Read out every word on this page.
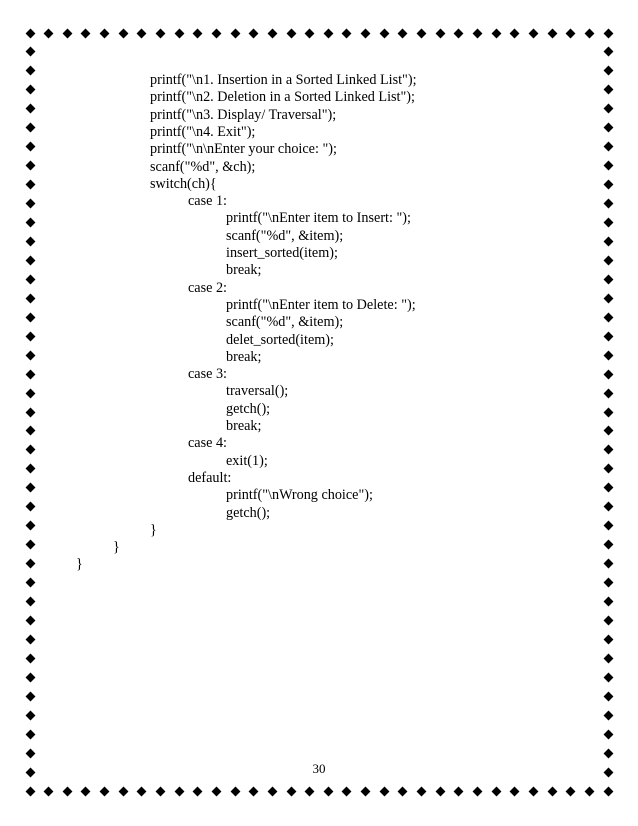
printf("\n1. Insertion in a Sorted Linked List");
printf("\n2. Deletion in a Sorted Linked List");
printf("\n3. Display/ Traversal");
printf("\n4. Exit");
printf("\n\nEnter your choice: ");
scanf("%d", &ch);
switch(ch){
case 1:
printf("\nEnter item to Insert: ");
scanf("%d", &item);
insert_sorted(item);
break;
case 2:
printf("\nEnter item to Delete: ");
scanf("%d", &item);
delet_sorted(item);
break;
case 3:
traversal();
getch();
break;
case 4:
exit(1);
default:
printf("\nWrong choice");
getch();
}
}
}
30
